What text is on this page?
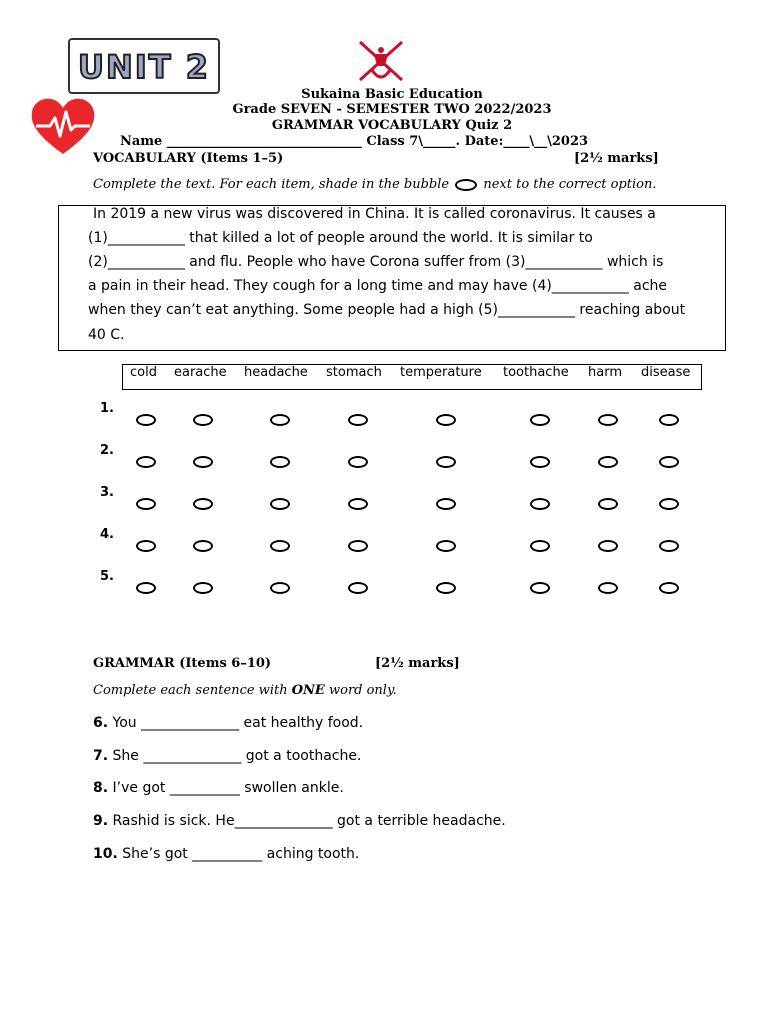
UNIT 2
Sukaina Basic Education
Grade SEVEN - SEMESTER TWO 2022/2023
GRAMMAR VOCABULARY Quiz 2
Name ______________________________ Class 7\_____. Date:____\__\2023
VOCABULARY (Items 1–5)	[2½ marks]
Complete the text. For each item, shade in the bubble	next to the correct option.
In 2019 a new virus was discovered in China. It is called coronavirus. It causes a
(1)___________ that killed a lot of people around the world. It is similar to
(2)___________ and flu. People who have Corona suffer from (3)___________ which is
a pain in their head. They cough for a long time and may have (4)___________ ache
when they can’t eat anything. Some people had a high (5)___________ reaching about
40 C.
cold earache headache stomach temperature toothache harm disease
1.
2.
3.
4.
5.
GRAMMAR (Items 6–10)	[2½ marks]
Complete each sentence with ONE word only.
6. You ______________ eat healthy food.
7. She ______________ got a toothache.
8. I’ve got __________ swollen ankle.
9. Rashid is sick. He______________ got a terrible headache.
10. She’s got __________ aching tooth.
